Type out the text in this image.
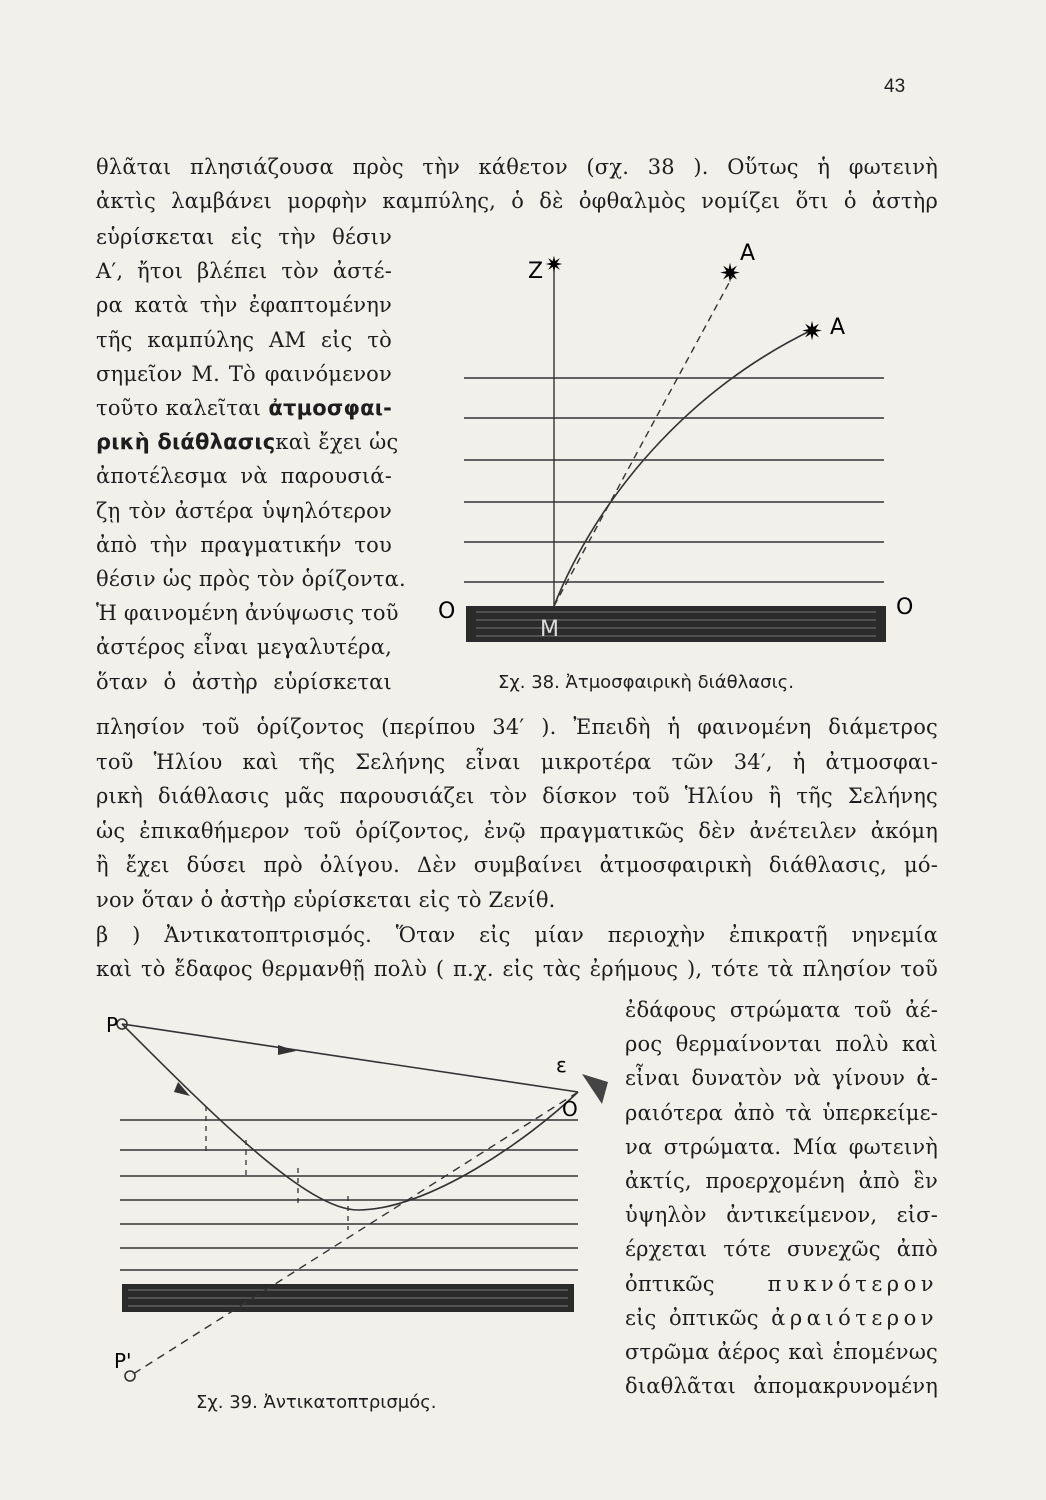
43
θλᾶται πλησιάζουσα πρὸς τὴν κάθετον (σχ. 38 ). Οὕτως ἡ φωτεινὴ
ἀκτὶς λαμβάνει μορφὴν καμπύλης, ὁ δὲ ὀφθαλμὸς νομίζει ὅτι ὁ ἀστὴρ
εὑρίσκεται εἰς τὴν θέσιν
Α′, ἤτοι βλέπει τὸν ἀστέ-
ρα κατὰ τὴν ἐφαπτομένην
τῆς καμπύλης ΑΜ εἰς τὸ
σημεῖον Μ. Τὸ φαινόμενον
τοῦτο καλεῖται ἀτμοσφαι-
ρικὴ διάθλασιςκαὶ ἔχει ὡς
ἀποτέλεσμα νὰ παρουσιά-
ζῃ τὸν ἀστέρα ὑψηλότερον
ἀπὸ τὴν πραγματικήν του
θέσιν ὡς πρὸς τὸν ὁρίζοντα.
Ἡ φαινομένη ἀνύψωσις τοῦ
ἀστέρος εἶναι μεγαλυτέρα,
ὅταν ὁ ἀστὴρ εὑρίσκεται
πλησίον τοῦ ὁρίζοντος (περίπου 34′ ). Ἐπειδὴ ἡ φαινομένη διάμετρος
τοῦ Ἡλίου καὶ τῆς Σελήνης εἶναι μικροτέρα τῶν 34′, ἡ ἀτμοσφαι-
ρικὴ διάθλασις μᾶς παρουσιάζει τὸν δίσκον τοῦ Ἡλίου ἢ τῆς Σελήνης
ὡς ἐπικαθήμερον τοῦ ὁρίζοντος, ἐνῷ πραγματικῶς δὲν ἀνέτειλεν ἀκόμη
ἢ ἔχει δύσει πρὸ ὀλίγου. Δὲν συμβαίνει ἀτμοσφαιρικὴ διάθλασις, μό-
νον ὅταν ὁ ἀστὴρ εὑρίσκεται εἰς τὸ Ζενίθ.
β ) Ἀντικατοπτρισμός. Ὅταν εἰς μίαν περιοχὴν ἐπικρατῇ νηνεμία
καὶ τὸ ἔδαφος θερμανθῇ πολὺ ( π.χ. εἰς τὰς ἐρήμους ), τότε τὰ πλησίον τοῦ
ἐδάφους στρώματα τοῦ ἀέ-
ρος θερμαίνονται πολὺ καὶ
εἶναι δυνατὸν νὰ γίνουν ἀ-
ραιότερα ἀπὸ τὰ ὑπερκείμε-
να στρώματα. Μία φωτεινὴ
ἀκτίς, προερχομένη ἀπὸ ἓν
ὑψηλὸν ἀντικείμενον, εἰσ-
έρχεται τότε συνεχῶς ἀπὸ
ὀπτικῶς πυκνότερον
εἰς ὀπτικῶς ἀραιότερον
στρῶμα ἀέρος καὶ ἑπομένως
διαθλᾶται ἀπομακρυνομένη
✷
✷
✷
Z
A
A
O	O
M
Σχ. 38. Ἀτμοσφαιρικὴ διάθλασις.
P
P'
O
ε
Σχ. 39. Ἀντικατοπτρισμός.
